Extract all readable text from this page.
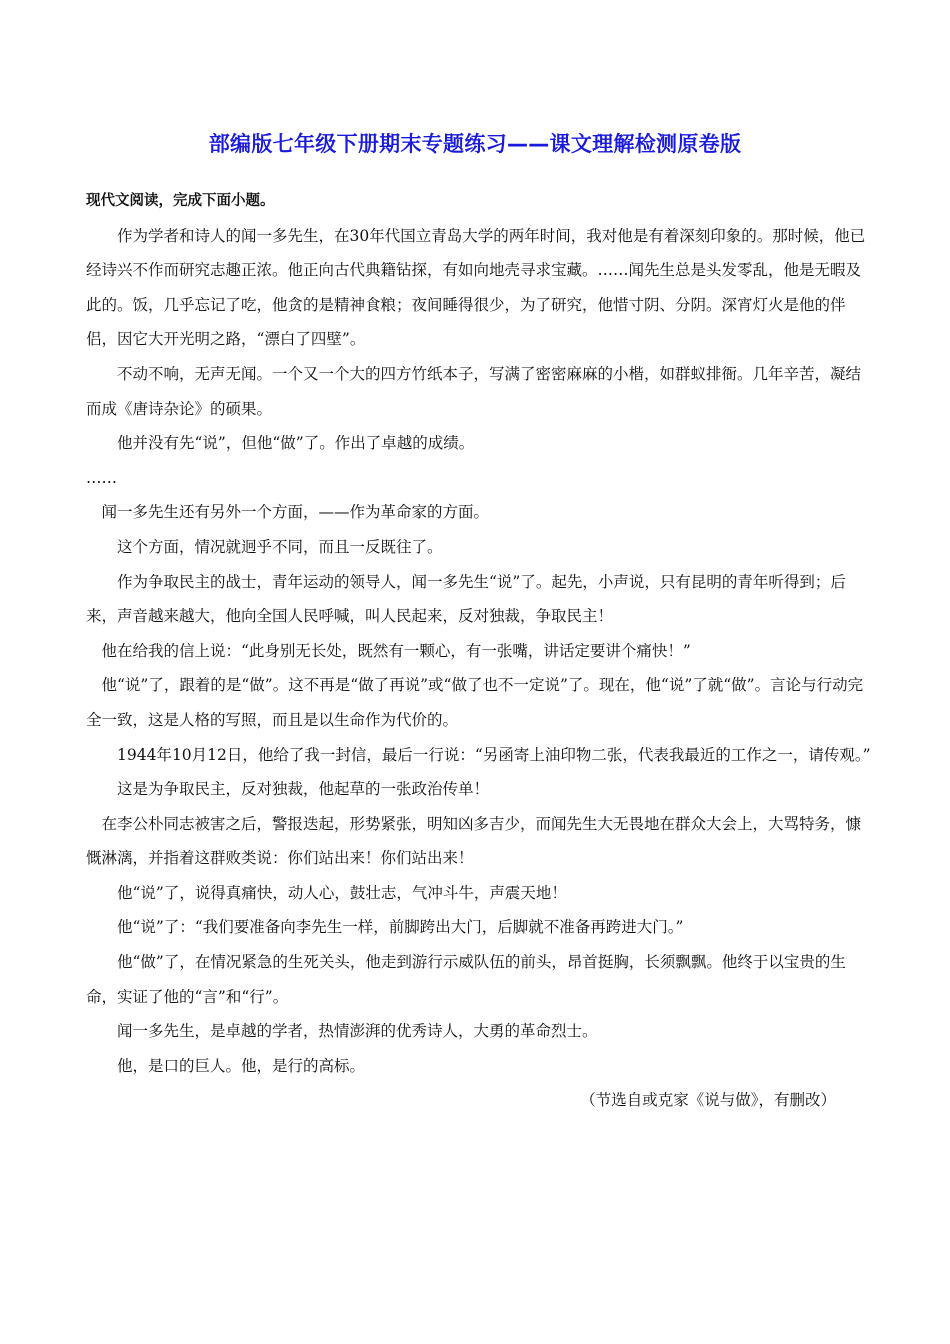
部编版七年级下册期末专题练习——课文理解检测原卷版

现代文阅读，完成下面小题。

作为学者和诗人的闻一多先生，在30年代国立青岛大学的两年时间，我对他是有着深刻印象的。那时候，他已经诗兴不作而研究志趣正浓。他正向古代典籍钻探，有如向地壳寻求宝藏。……闻先生总是头发零乱，他是无暇及此的。饭，几乎忘记了吃，他贪的是精神食粮；夜间睡得很少，为了研究，他惜寸阴、分阴。深宵灯火是他的伴侣，因它大开光明之路，“漂白了四壁”。

不动不响，无声无闻。一个又一个大的四方竹纸本子，写满了密密麻麻的小楷，如群蚁排衙。几年辛苦，凝结而成《唐诗杂论》的硕果。

他并没有先“说”，但他“做”了。作出了卓越的成绩。

……

闻一多先生还有另外一个方面，——作为革命家的方面。

这个方面，情况就迥乎不同，而且一反既往了。

作为争取民主的战士，青年运动的领导人，闻一多先生“说”了。起先，小声说，只有昆明的青年听得到；后来，声音越来越大，他向全国人民呼喊，叫人民起来，反对独裁，争取民主！

他在给我的信上说：“此身别无长处，既然有一颗心，有一张嘴，讲话定要讲个痛快！”

他“说”了，跟着的是“做”。这不再是“做了再说”或“做了也不一定说”了。现在，他“说”了就“做”。言论与行动完全一致，这是人格的写照，而且是以生命作为代价的。

1944年10月12日，他给了我一封信，最后一行说：“另函寄上油印物二张，代表我最近的工作之一，请传观。”

这是为争取民主，反对独裁，他起草的一张政治传单！

在李公朴同志被害之后，警报迭起，形势紧张，明知凶多吉少，而闻先生大无畏地在群众大会上，大骂特务，慷慨淋漓，并指着这群败类说：你们站出来！你们站出来！

他“说”了，说得真痛快，动人心，鼓壮志，气冲斗牛，声震天地！

他“说”了：“我们要准备向李先生一样，前脚跨出大门，后脚就不准备再跨进大门。”

他“做”了，在情况紧急的生死关头，他走到游行示威队伍的前头，昂首挺胸，长须飘飘。他终于以宝贵的生命，实证了他的“言”和“行”。

闻一多先生，是卓越的学者，热情澎湃的优秀诗人，大勇的革命烈士。

他，是口的巨人。他，是行的高标。

（节选自或克家《说与做》，有删改）
